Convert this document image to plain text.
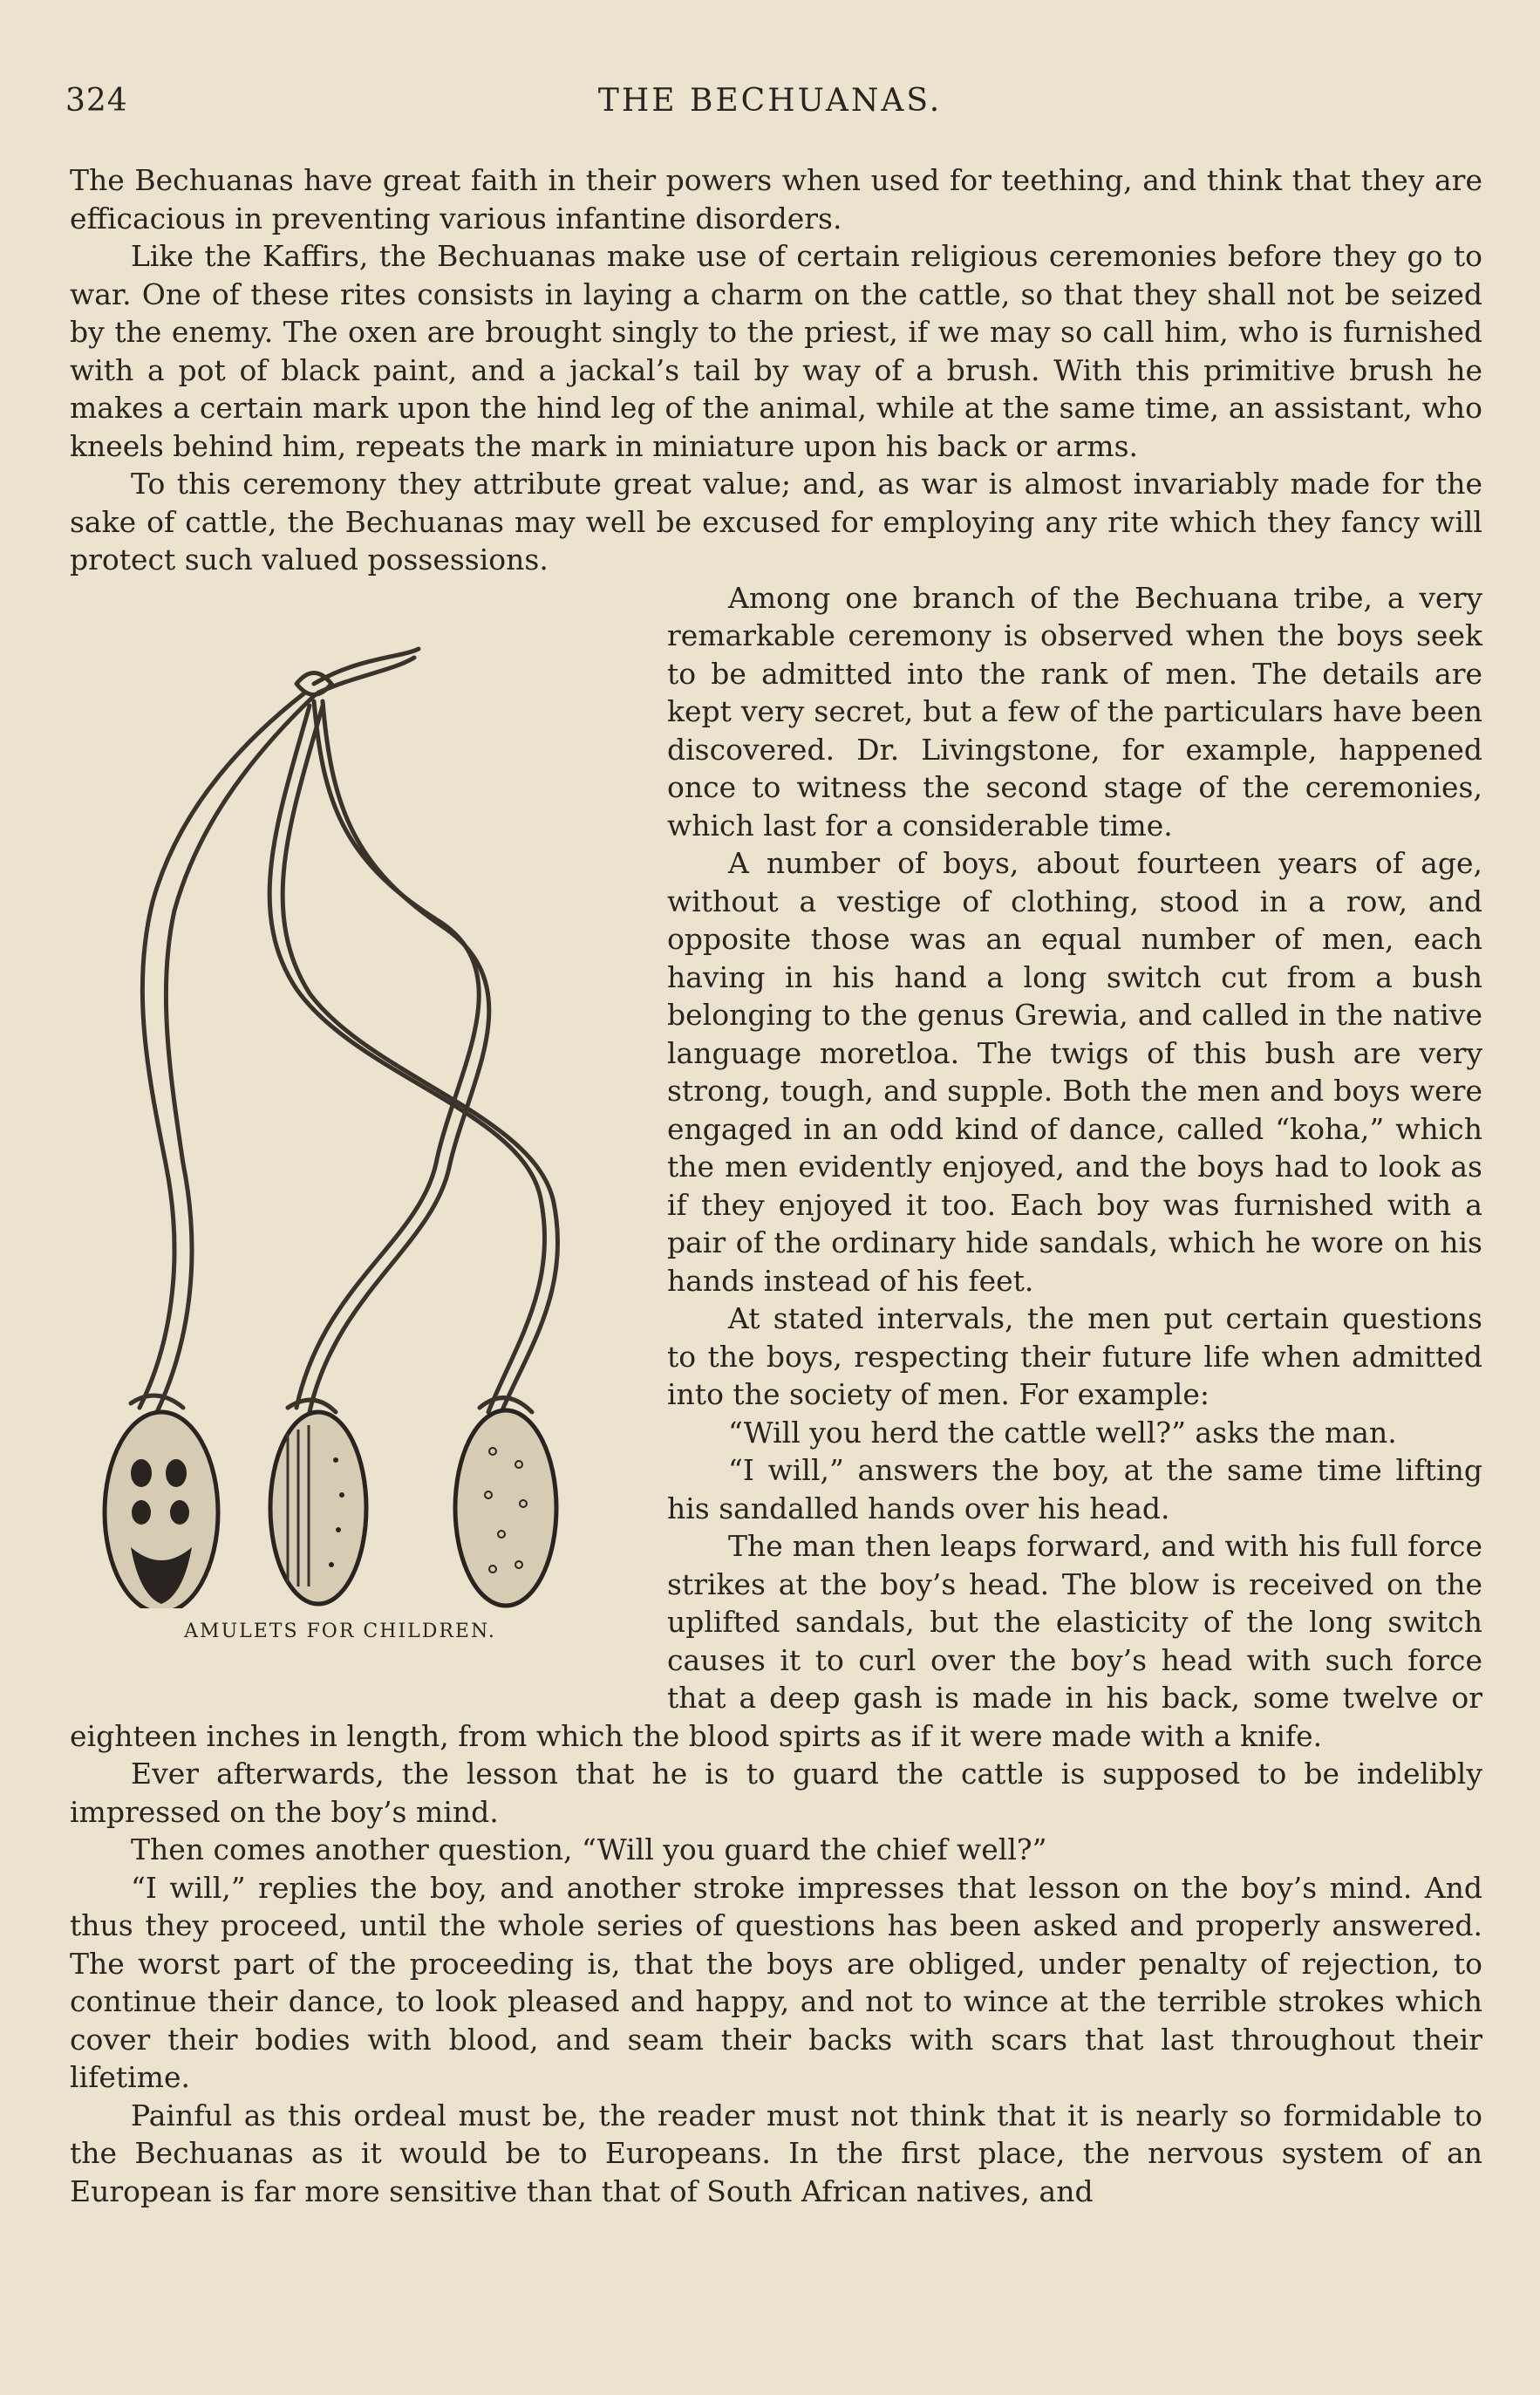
324	THE BECHUANAS.

The Bechuanas have great faith in their powers when used for teething, and think that they are efficacious in preventing various infantine disorders.

Like the Kaffirs, the Bechuanas make use of certain religious ceremonies before they go to war. One of these rites consists in laying a charm on the cattle, so that they shall not be seized by the enemy. The oxen are brought singly to the priest, if we may so call him, who is furnished with a pot of black paint, and a jackal’s tail by way of a brush. With this primitive brush he makes a certain mark upon the hind leg of the animal, while at the same time, an assistant, who kneels behind him, repeats the mark in miniature upon his back or arms.

To this ceremony they attribute great value; and, as war is almost invariably made for the sake of cattle, the Bechuanas may well be excused for employing any rite which they fancy will protect such valued possessions.

AMULETS FOR CHILDREN.

Among one branch of the Bechuana tribe, a very remarkable ceremony is observed when the boys seek to be admitted into the rank of men. The details are kept very secret, but a few of the particulars have been discovered. Dr. Livingstone, for example, happened once to witness the second stage of the ceremonies, which last for a considerable time.

A number of boys, about fourteen years of age, without a vestige of clothing, stood in a row, and opposite those was an equal number of men, each having in his hand a long switch cut from a bush belonging to the genus Grewia, and called in the native language moretloa. The twigs of this bush are very strong, tough, and supple. Both the men and boys were engaged in an odd kind of dance, called “koha,” which the men evidently enjoyed, and the boys had to look as if they enjoyed it too. Each boy was furnished with a pair of the ordinary hide sandals, which he wore on his hands instead of his feet.

At stated intervals, the men put certain questions to the boys, respecting their future life when admitted into the society of men. For example:

“Will you herd the cattle well?” asks the man.

“I will,” answers the boy, at the same time lifting his sandalled hands over his head.

The man then leaps forward, and with his full force strikes at the boy’s head. The blow is received on the uplifted sandals, but the elasticity of the long switch causes it to curl over the boy’s head with such force that a deep gash is made in his back, some twelve or eighteen inches in length, from which the blood spirts as if it were made with a knife.

Ever afterwards, the lesson that he is to guard the cattle is supposed to be indelibly impressed on the boy’s mind.

Then comes another question, “Will you guard the chief well?”

“I will,” replies the boy, and another stroke impresses that lesson on the boy’s mind. And thus they proceed, until the whole series of questions has been asked and properly answered. The worst part of the proceeding is, that the boys are obliged, under penalty of rejection, to continue their dance, to look pleased and happy, and not to wince at the terrible strokes which cover their bodies with blood, and seam their backs with scars that last throughout their lifetime.

Painful as this ordeal must be, the reader must not think that it is nearly so formidable to the Bechuanas as it would be to Europeans. In the first place, the nervous system of an European is far more sensitive than that of South African natives, and
